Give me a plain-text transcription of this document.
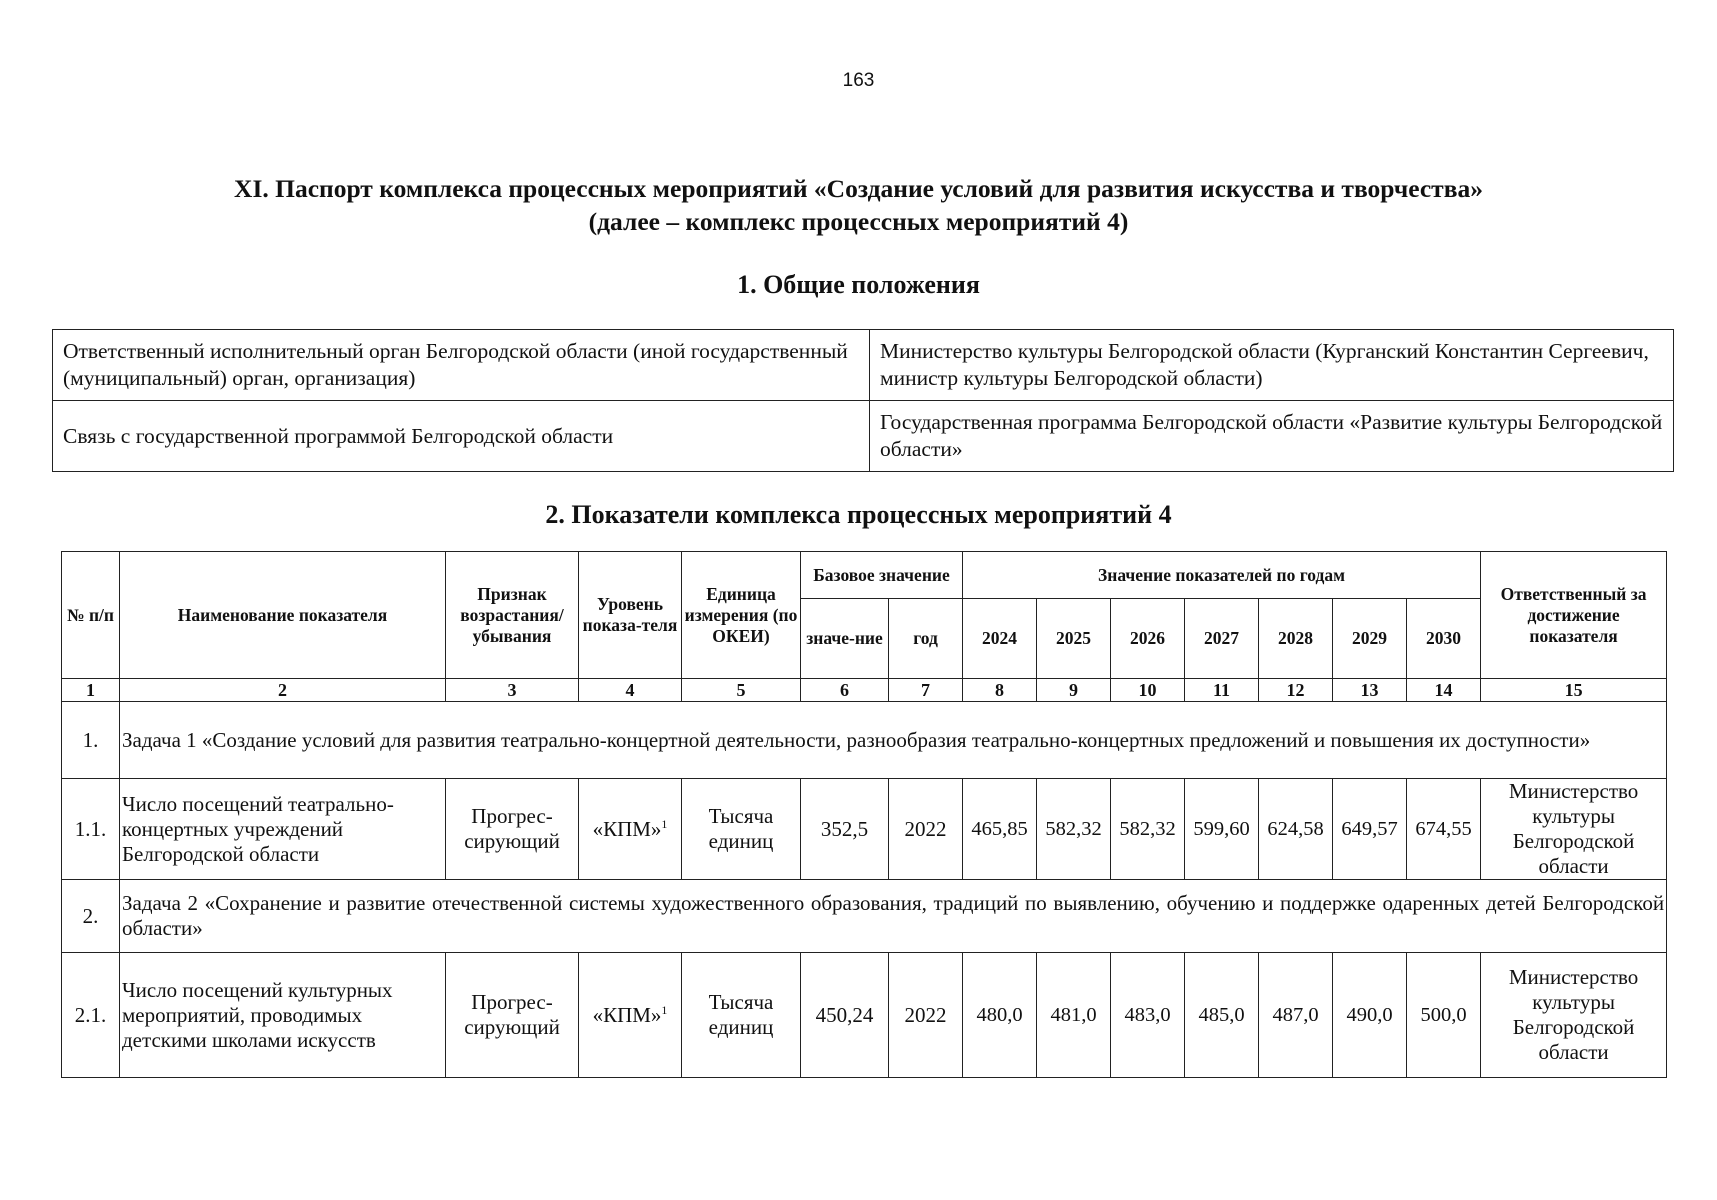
163
XI. Паспорт комплекса процессных мероприятий «Создание условий для развития искусства и творчества»
(далее – комплекс процессных мероприятий 4)
1. Общие положения
Ответственный исполнительный орган Белгородской области (иной государственный (муниципальный) орган, организация)	Министерство культуры Белгородской области (Курганский Константин Сергеевич, министр культуры Белгородской области)
Связь с государственной программой Белгородской области	Государственная программа Белгородской области «Развитие культуры Белгородской области»
2. Показатели комплекса процессных мероприятий 4
№ п/п	Наименование показателя	Признак возрастания/ убывания	Уровень показа-теля	Единица измерения (по ОКЕИ)	Базовое значение		Значение показателей по годам							Ответственный за достижение показателя
					значе-ние	год	2024	2025	2026	2027	2028	2029	2030	
1	2	3	4	5	6	7	8	9	10	11	12	13	14	15
1.	Задача 1 «Создание условий для развития театрально-концертной деятельности, разнообразия театрально-концертных предложений и повышения их доступности»													
1.1.	Число посещений театрально-концертных учреждений Белгородской области	Прогрес-сирующий	«КПМ»$^1$	Тысяча единиц	352,5	2022	465,85	582,32	582,32	599,60	624,58	649,57	674,55	Министерство культуры Белгородской области
2.	Задача 2 «Сохранение и развитие отечественной системы художественного образования, традиций по выявлению, обучению и поддержке одаренных детей Белгородской области»													
2.1.	Число посещений культурных мероприятий, проводимых детскими школами искусств	Прогрес-сирующий	«КПМ»$^1$	Тысяча единиц	450,24	2022	480,0	481,0	483,0	485,0	487,0	490,0	500,0	Министерство культуры Белгородской области
